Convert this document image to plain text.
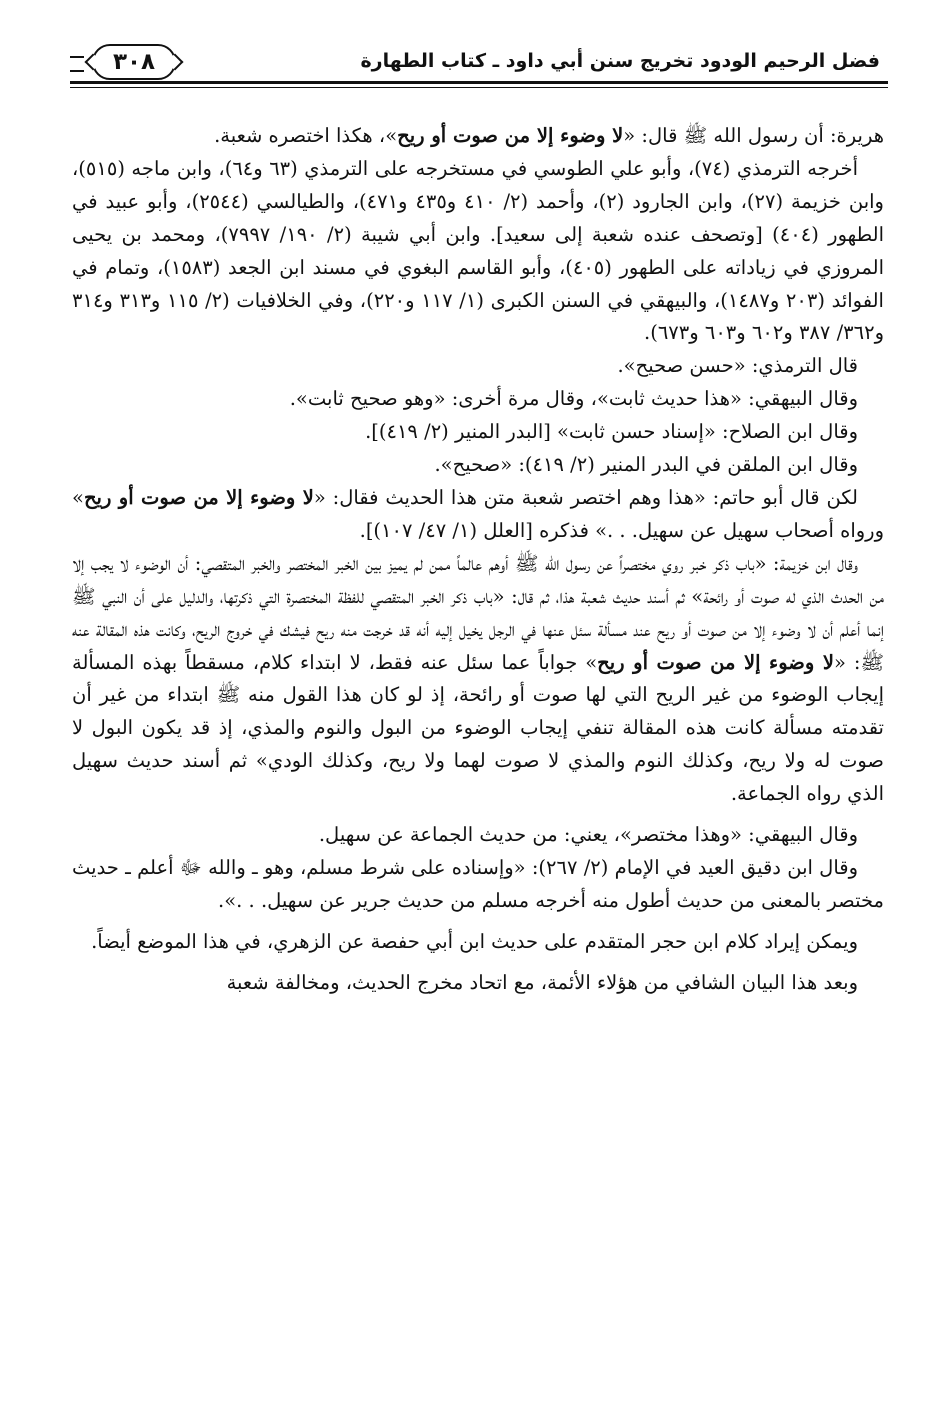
فضل الرحيم الودود تخريج سنن أبي داود ـ كتاب الطهارة
٣٠٨

هريرة: أن رسول الله ﷺ قال: «لا وضوء إلا من صوت أو ريح»، هكذا اختصره شعبة.

أخرجه الترمذي (٧٤)، وأبو علي الطوسي في مستخرجه على الترمذي (٦٣ و٦٤)، وابن ماجه (٥١٥)، وابن خزيمة (٢٧)، وابن الجارود (٢)، وأحمد (٢/ ٤١٠ و٤٣٥ و٤٧١)، والطيالسي (٢٥٤٤)، وأبو عبيد في الطهور (٤٠٤) [وتصحف عنده شعبة إلى سعيد]. وابن أبي شيبة (٢/ ١٩٠/ ٧٩٩٧)، ومحمد بن يحيى المروزي في زياداته على الطهور (٤٠٥)، وأبو القاسم البغوي في مسند ابن الجعد (١٥٨٣)، وتمام في الفوائد (٢٠٣ و١٤٨٧)، والبيهقي في السنن الكبرى (١/ ١١٧ و٢٢٠)، وفي الخلافيات (٢/ ١١٥ و٣١٣ و٣١٤ و٣٦٢/ ٣٨٧ و٦٠٢ و٦٠٣ و٦٧٣).

قال الترمذي: «حسن صحيح».

وقال البيهقي: «هذا حديث ثابت»، وقال مرة أخرى: «وهو صحيح ثابت».

وقال ابن الصلاح: «إسناد حسن ثابت» [البدر المنير (٢/ ٤١٩)].

وقال ابن الملقن في البدر المنير (٢/ ٤١٩): «صحيح».

لكن قال أبو حاتم: «هذا وهم اختصر شعبة متن هذا الحديث فقال: «لا وضوء إلا من صوت أو ريح» ورواه أصحاب سهيل عن سهيل. . .» فذكره [العلل (١/ ٤٧/ ١٠٧)].

وقال ابن خزيمة: «باب ذكر خبر روي مختصراً عن رسول الله ﷺ أوهم عالماً ممن لم يميز بين الخبر المختصر والخبر المتقصي: أن الوضوء لا يجب إلا من الحدث الذي له صوت أو رائحة» ثم أسند حديث شعبة هذا، ثم قال: «باب ذكر الخبر المتقصي للفظة المختصرة التي ذكرتها، والدليل على أن النبي ﷺ إنما أعلم أن لا وضوء إلا من صوت أو ريح عند مسألة سئل عنها في الرجل يخيل إليه أنه قد خرجت منه ريح فيشك في خروج الريح، وكانت هذه المقالة عنه ﷺ: «لا وضوء إلا من صوت أو ريح» جواباً عما سئل عنه فقط، لا ابتداء كلام، مسقطاً بهذه المسألة إيجاب الوضوء من غير الريح التي لها صوت أو رائحة، إذ لو كان هذا القول منه ﷺ ابتداء من غير أن تقدمته مسألة كانت هذه المقالة تنفي إيجاب الوضوء من البول والنوم والمذي، إذ قد يكون البول لا صوت له ولا ريح، وكذلك النوم والمذي لا صوت لهما ولا ريح، وكذلك الودي» ثم أسند حديث سهيل الذي رواه الجماعة.

وقال البيهقي: «وهذا مختصر»، يعني: من حديث الجماعة عن سهيل.

وقال ابن دقيق العيد في الإمام (٢/ ٢٦٧): «وإسناده على شرط مسلم، وهو ـ والله ﷻ أعلم ـ حديث مختصر بالمعنى من حديث أطول منه أخرجه مسلم من حديث جرير عن سهيل. . .».

ويمكن إيراد كلام ابن حجر المتقدم على حديث ابن أبي حفصة عن الزهري، في هذا الموضع أيضاً.

وبعد هذا البيان الشافي من هؤلاء الأئمة، مع اتحاد مخرج الحديث، ومخالفة شعبة
